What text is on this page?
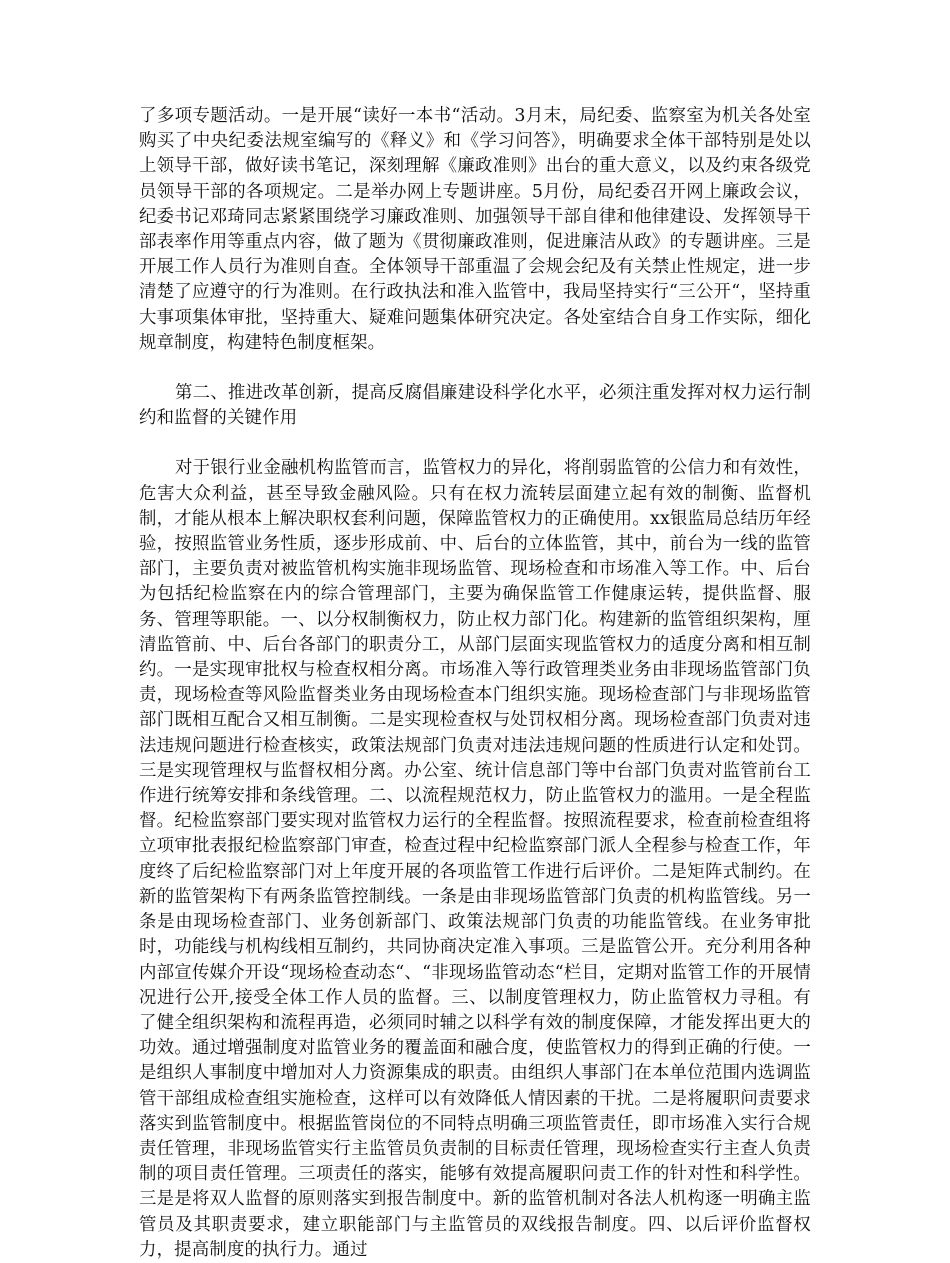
了多项专题活动。一是开展“读好一本书“活动。3月末，局纪委、监察室为机关各处室购买了中央纪委法规室编写的《释义》和《学习问答》，明确要求全体干部特别是处以上领导干部，做好读书笔记，深刻理解《廉政准则》出台的重大意义，以及约束各级党员领导干部的各项规定。二是举办网上专题讲座。5月份，局纪委召开网上廉政会议，纪委书记邓琦同志紧紧围绕学习廉政准则、加强领导干部自律和他律建设、发挥领导干部表率作用等重点内容，做了题为《贯彻廉政准则，促进廉洁从政》的专题讲座。三是开展工作人员行为准则自查。全体领导干部重温了会规会纪及有关禁止性规定，进一步清楚了应遵守的行为准则。在行政执法和准入监管中，我局坚持实行“三公开“，坚持重大事项集体审批，坚持重大、疑难问题集体研究决定。各处室结合自身工作实际，细化规章制度，构建特色制度框架。

第二、推进改革创新，提高反腐倡廉建设科学化水平，必须注重发挥对权力运行制约和监督的关键作用

对于银行业金融机构监管而言，监管权力的异化，将削弱监管的公信力和有效性，危害大众利益，甚至导致金融风险。只有在权力流转层面建立起有效的制衡、监督机制，才能从根本上解决职权套利问题，保障监管权力的正确使用。xx银监局总结历年经验，按照监管业务性质，逐步形成前、中、后台的立体监管，其中，前台为一线的监管部门，主要负责对被监管机构实施非现场监管、现场检查和市场准入等工作。中、后台为包括纪检监察在内的综合管理部门，主要为确保监管工作健康运转，提供监督、服务、管理等职能。一、以分权制衡权力，防止权力部门化。构建新的监管组织架构，厘清监管前、中、后台各部门的职责分工，从部门层面实现监管权力的适度分离和相互制约。一是实现审批权与检查权相分离。市场准入等行政管理类业务由非现场监管部门负责，现场检查等风险监督类业务由现场检查本门组织实施。现场检查部门与非现场监管部门既相互配合又相互制衡。二是实现检查权与处罚权相分离。现场检查部门负责对违法违规问题进行检查核实，政策法规部门负责对违法违规问题的性质进行认定和处罚。三是实现管理权与监督权相分离。办公室、统计信息部门等中台部门负责对监管前台工作进行统筹安排和条线管理。二、以流程规范权力，防止监管权力的滥用。一是全程监督。纪检监察部门要实现对监管权力运行的全程监督。按照流程要求，检查前检查组将立项审批表报纪检监察部门审查，检查过程中纪检监察部门派人全程参与检查工作，年度终了后纪检监察部门对上年度开展的各项监管工作进行后评价。二是矩阵式制约。在新的监管架构下有两条监管控制线。一条是由非现场监管部门负责的机构监管线。另一条是由现场检查部门、业务创新部门、政策法规部门负责的功能监管线。在业务审批时，功能线与机构线相互制约，共同协商决定准入事项。三是监管公开。充分利用各种内部宣传媒介开设“现场检查动态“、“非现场监管动态“栏目，定期对监管工作的开展情况进行公开,接受全体工作人员的监督。三、以制度管理权力，防止监管权力寻租。有了健全组织架构和流程再造，必须同时辅之以科学有效的制度保障，才能发挥出更大的功效。通过增强制度对监管业务的覆盖面和融合度，使监管权力的得到正确的行使。一是组织人事制度中增加对人力资源集成的职责。由组织人事部门在本单位范围内选调监管干部组成检查组实施检查，这样可以有效降低人情因素的干扰。二是将履职问责要求落实到监管制度中。根据监管岗位的不同特点明确三项监管责任，即市场准入实行合规责任管理，非现场监管实行主监管员负责制的目标责任管理，现场检查实行主查人负责制的项目责任管理。三项责任的落实，能够有效提高履职问责工作的针对性和科学性。三是是将双人监督的原则落实到报告制度中。新的监管机制对各法人机构逐一明确主监管员及其职责要求，建立职能部门与主监管员的双线报告制度。四、以后评价监督权力，提高制度的执行力。通过
